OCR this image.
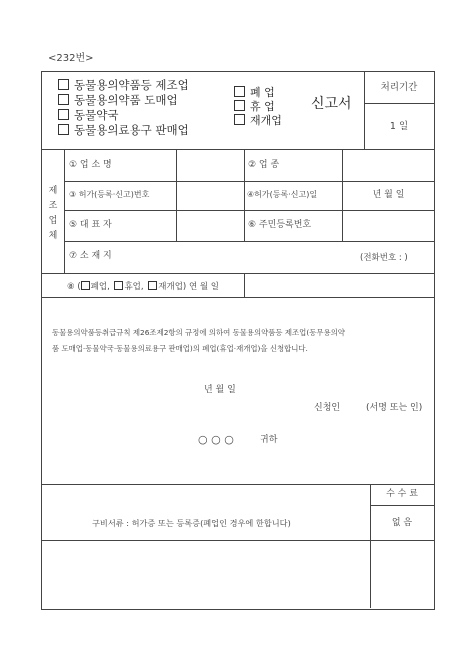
<232번>
동물용의약품등 제조업
동물용의약품 도매업
동물약국
동물용의료용구 판매업
폐 업
휴 업
재개업
신고서
처리기간
1 일
제
조
업
체
① 업 소 명	② 업 종
③ 허가(등록·신고)번호	④허가(등록·신고)일	년 월 일
⑤ 대 표 자	⑥ 주민등록번호
⑦ 소 재 지	(전화번호 : )
⑧ ( 폐업, 휴업, 재개업) 연 월 일
동물용의약품등취급규칙 제26조제2항의 규정에 의하여 동물용의약품등 제조업(동무용의약
품 도매업·동물약국·동물용의료용구 판매업)의 폐업(휴업·재개업)을 신청합니다.
년 월 일
신청인	(서명 또는 인)
○ ○ ○	귀하
수 수 료
구비서류 : 허가증 또는 등록증(폐업인 경우에 한합니다)	없 음
